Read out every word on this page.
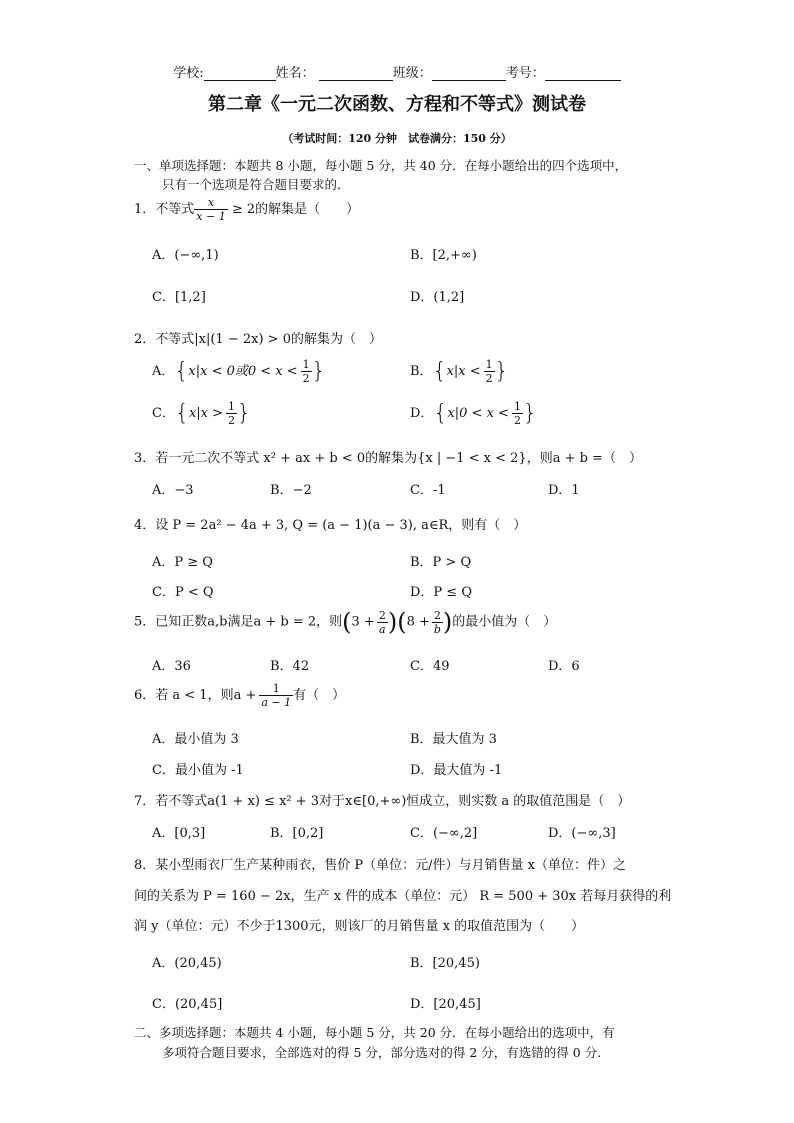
学校:	姓名：	班级：	考号：
第二章《一元二次函数、方程和不等式》测试卷
（考试时间：120 分钟　试卷满分：150 分）
一、单项选择题：本题共 8 小题，每小题 5 分，共 40 分．在每小题给出的四个选项中，
只有一个选项是符合题目要求的．
1．不等式 $\frac{x}{x - 1} \ge 2$的解集是（　　）
A．(−∞,1)	B．[2,+∞)
C．[1,2]	D．(1,2]
2．不等式|x|(1 − 2x) > 0的解集为（　）
A．{x|x < 0或$0 < x < \frac{1}{2}$ }	B．{$x|x < \frac{1}{2}$ }
C．{$x|x > \frac{1}{2}$ }	D．{$x|0 < x < \frac{1}{2}$ }
3．若一元二次不等式 x² + ax + b < 0的解集为{x | −1 < x < 2}，则a + b =（　）
A．−3	B．−2	C．-1	D．1
4．设 P = 2a² − 4a + 3, Q = (a − 1)(a − 3), a∈R，则有（　）
A．P ≥ Q	B．P > Q
C．P < Q	D．P ≤ Q
5．已知正数a,b满足a + b = 2，则$(3 + \frac{2}{a} )(8 + \frac{2}{b}$ )的最小值为（　）
A．36	B．42	C．49	D．6
6．若 a < 1，则$a + \frac{1}{a - 1}$ 有（　）
A．最小值为 3	B．最大值为 3
C．最小值为 -1	D．最大值为 -1
7．若不等式a(1 + x) ≤ x² + 3对于x∈[0,+∞)恒成立，则实数 a 的取值范围是（　）
A．[0,3]	B．[0,2]	C．(−∞,2]	D．(−∞,3]
8．某小型雨衣厂生产某种雨衣，售价 P（单位：元/件）与月销售量 x（单位：件）之
间的关系为 P = 160 − 2x，生产 x 件的成本（单位：元） R = 500 + 30x 若每月获得的利
润 y（单位：元）不少于1300元，则该厂的月销售量 x 的取值范围为（　　）
A．(20,45)	B．[20,45)
C．(20,45]	D．[20,45]
二、多项选择题：本题共 4 小题，每小题 5 分，共 20 分．在每小题给出的选项中，有
多项符合题目要求，全部选对的得 5 分，部分选对的得 2 分，有选错的得 0 分.
